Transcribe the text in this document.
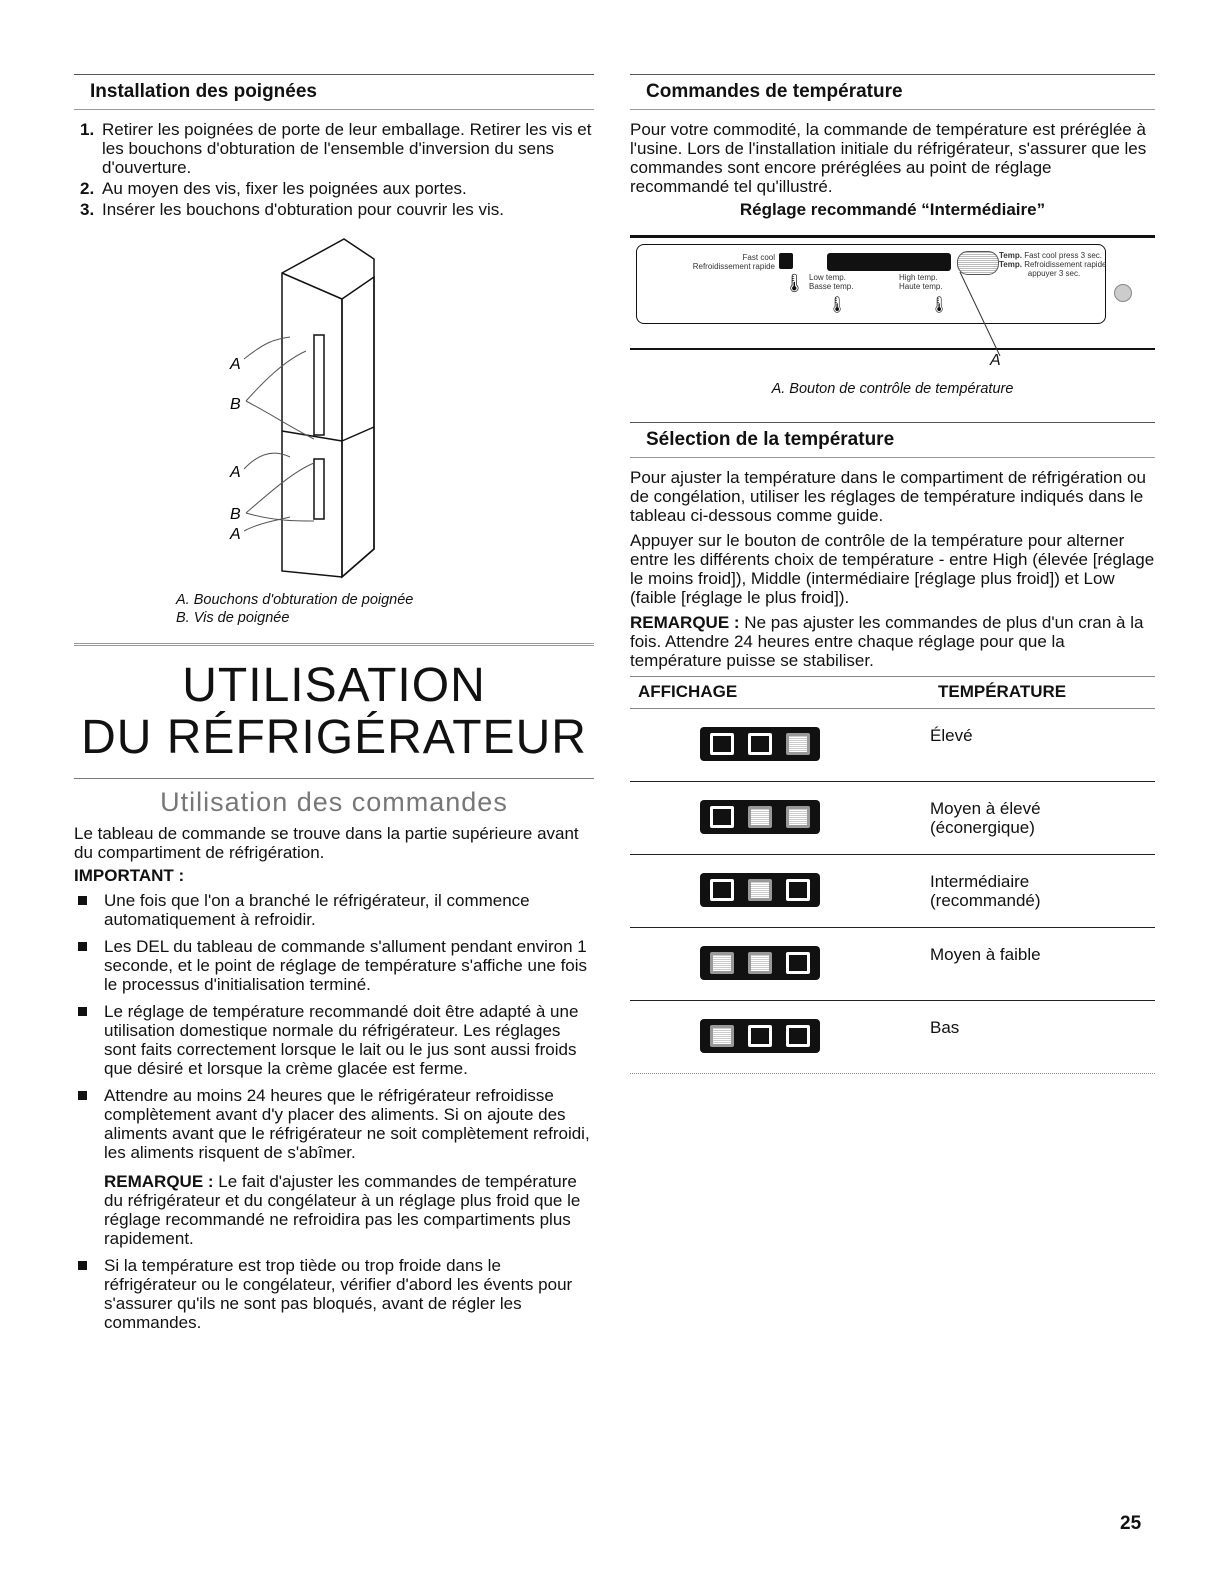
Installation des poignées
1. Retirer les poignées de porte de leur emballage. Retirer les vis et les bouchons d'obturation de l'ensemble d'inversion du sens d'ouverture.
2. Au moyen des vis, fixer les poignées aux portes.
3. Insérer les bouchons d'obturation pour couvrir les vis.
A
B
A
B
A
A. Bouchons d'obturation de poignée
B. Vis de poignée
UTILISATION
DU RÉFRIGÉRATEUR
Utilisation des commandes

Le tableau de commande se trouve dans la partie supérieure avant du compartiment de réfrigération.

IMPORTANT :

Une fois que l'on a branché le réfrigérateur, il commence automatiquement à refroidir.
Les DEL du tableau de commande s'allument pendant environ 1 seconde, et le point de réglage de température s'affiche une fois le processus d'initialisation terminé.
Le réglage de température recommandé doit être adapté à une utilisation domestique normale du réfrigérateur. Les réglages sont faits correctement lorsque le lait ou le jus sont aussi froids que désiré et lorsque la crème glacée est ferme.
Attendre au moins 24 heures que le réfrigérateur refroidisse complètement avant d'y placer des aliments. Si on ajoute des aliments avant que le réfrigérateur ne soit complètement refroidi, les aliments risquent de s'abîmer.

REMARQUE : Le fait d'ajuster les commandes de température du réfrigérateur et du congélateur à un réglage plus froid que le réglage recommandé ne refroidira pas les compartiments plus rapidement.

Si la température est trop tiède ou trop froide dans le réfrigérateur ou le congélateur, vérifier d'abord les évents pour s'assurer qu'ils ne sont pas bloqués, avant de régler les commandes.
Commandes de température

Pour votre commodité, la commande de température est préréglée à l'usine. Lors de l'installation initiale du réfrigérateur, s'assurer que les commandes sont encore préréglées au point de réglage recommandé tel qu'illustré.

Réglage recommandé “Intermédiaire”

Fast cool
Refroidissement rapide
Low temp.
Basse temp.
High temp.
Haute temp.
🌡
🌡	🌡
Temp. Fast cool press 3 sec.
Temp. Refroidissement rapide
appuyer 3 sec.
A

A. Bouton de contrôle de température

Sélection de la température

Pour ajuster la température dans le compartiment de réfrigération ou de congélation, utiliser les réglages de température indiqués dans le tableau ci-dessous comme guide.

Appuyer sur le bouton de contrôle de la température pour alterner entre les différents choix de température - entre High (élevée [réglage le moins froid]), Middle (intermédiaire [réglage plus froid]) et Low (faible [réglage le plus froid]).

REMARQUE : Ne pas ajuster les commandes de plus d'un cran à la fois. Attendre 24 heures entre chaque réglage pour que la température puisse se stabiliser.

AFFICHAGE	TEMPÉRATURE
Élevé
Moyen à élevé (éconergique)
Intermédiaire (recommandé)
Moyen à faible
Bas
25
